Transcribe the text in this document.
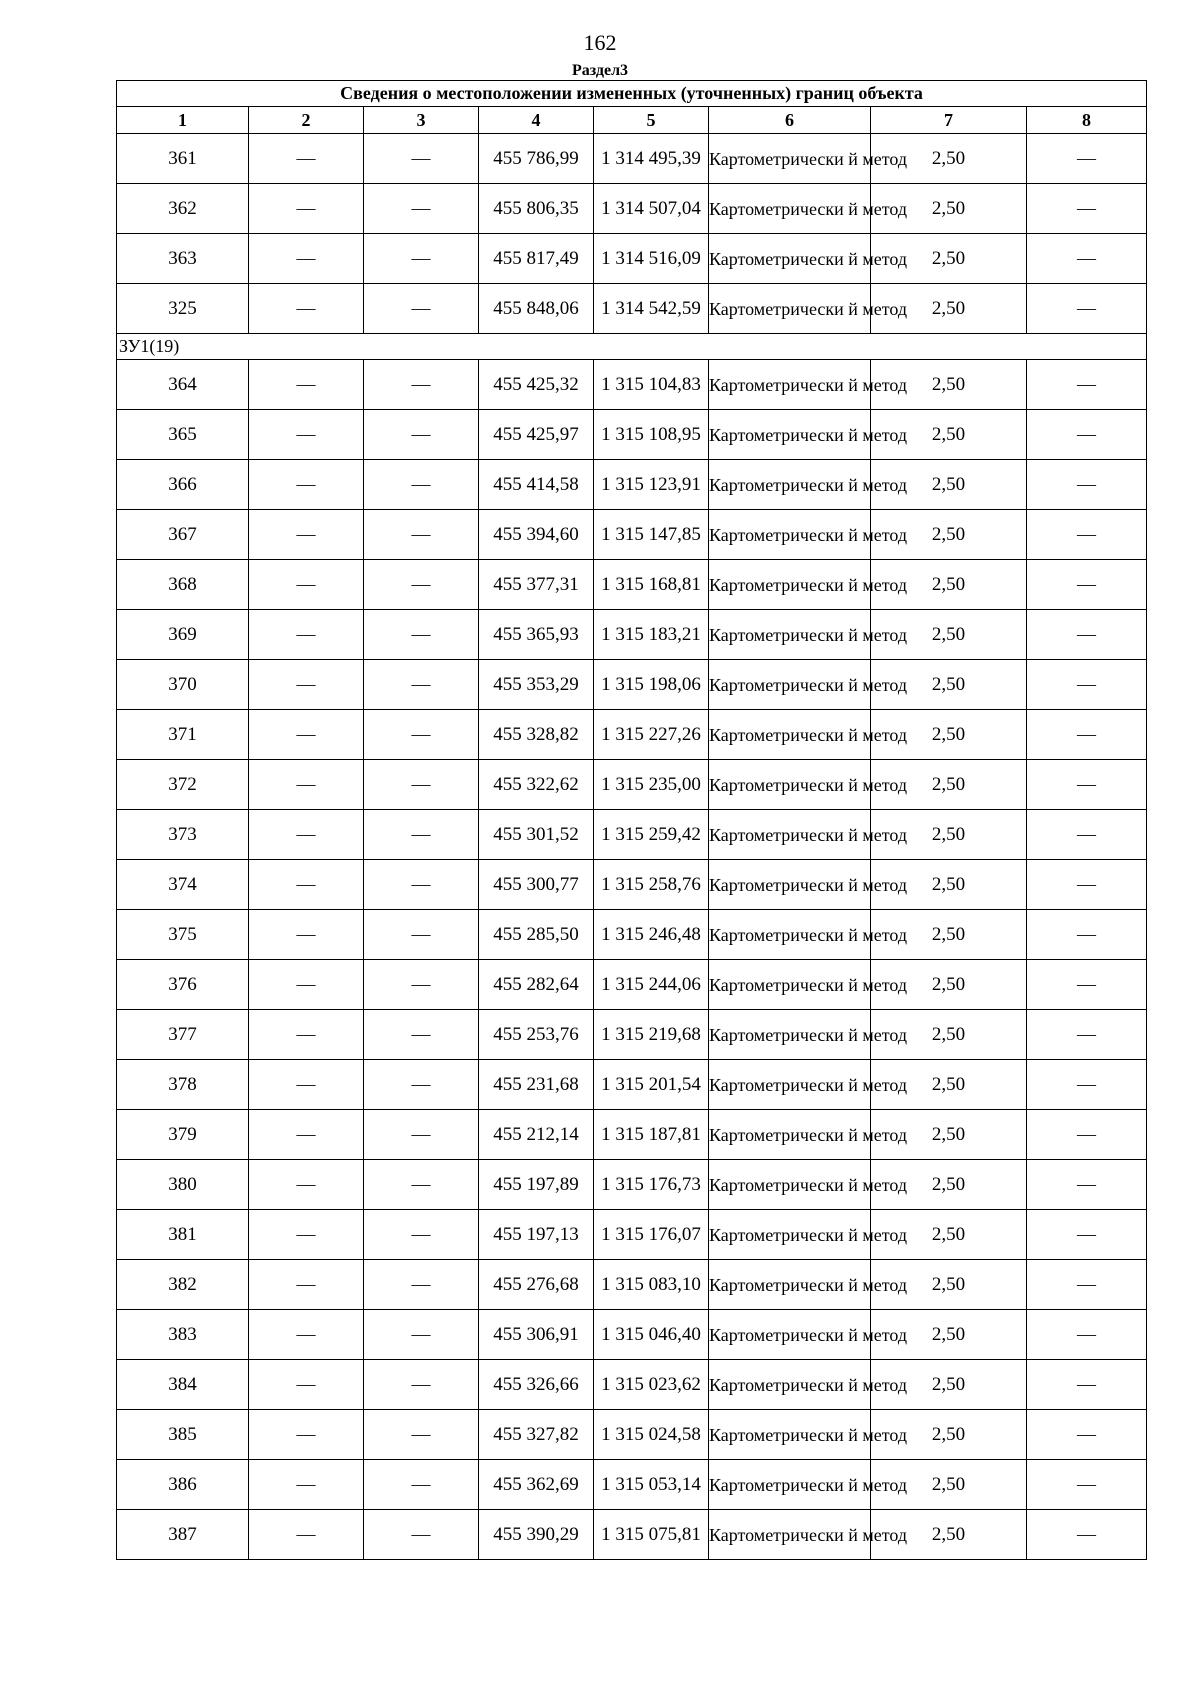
162
Раздел3
Сведения о местоположении измененных (уточненных) границ объекта							
1	2	3	4	5	6	7	8
361	—	—	455 786,99	1 314 495,39	Картометрически й метод	2,50	—
362	—	—	455 806,35	1 314 507,04	Картометрически й метод	2,50	—
363	—	—	455 817,49	1 314 516,09	Картометрически й метод	2,50	—
325	—	—	455 848,06	1 314 542,59	Картометрически й метод	2,50	—
ЗУ1(19)							
364	—	—	455 425,32	1 315 104,83	Картометрически й метод	2,50	—
365	—	—	455 425,97	1 315 108,95	Картометрически й метод	2,50	—
366	—	—	455 414,58	1 315 123,91	Картометрически й метод	2,50	—
367	—	—	455 394,60	1 315 147,85	Картометрически й метод	2,50	—
368	—	—	455 377,31	1 315 168,81	Картометрически й метод	2,50	—
369	—	—	455 365,93	1 315 183,21	Картометрически й метод	2,50	—
370	—	—	455 353,29	1 315 198,06	Картометрически й метод	2,50	—
371	—	—	455 328,82	1 315 227,26	Картометрически й метод	2,50	—
372	—	—	455 322,62	1 315 235,00	Картометрически й метод	2,50	—
373	—	—	455 301,52	1 315 259,42	Картометрически й метод	2,50	—
374	—	—	455 300,77	1 315 258,76	Картометрически й метод	2,50	—
375	—	—	455 285,50	1 315 246,48	Картометрически й метод	2,50	—
376	—	—	455 282,64	1 315 244,06	Картометрически й метод	2,50	—
377	—	—	455 253,76	1 315 219,68	Картометрически й метод	2,50	—
378	—	—	455 231,68	1 315 201,54	Картометрически й метод	2,50	—
379	—	—	455 212,14	1 315 187,81	Картометрически й метод	2,50	—
380	—	—	455 197,89	1 315 176,73	Картометрически й метод	2,50	—
381	—	—	455 197,13	1 315 176,07	Картометрически й метод	2,50	—
382	—	—	455 276,68	1 315 083,10	Картометрически й метод	2,50	—
383	—	—	455 306,91	1 315 046,40	Картометрически й метод	2,50	—
384	—	—	455 326,66	1 315 023,62	Картометрически й метод	2,50	—
385	—	—	455 327,82	1 315 024,58	Картометрически й метод	2,50	—
386	—	—	455 362,69	1 315 053,14	Картометрически й метод	2,50	—
387	—	—	455 390,29	1 315 075,81	Картометрически й метод	2,50	—
